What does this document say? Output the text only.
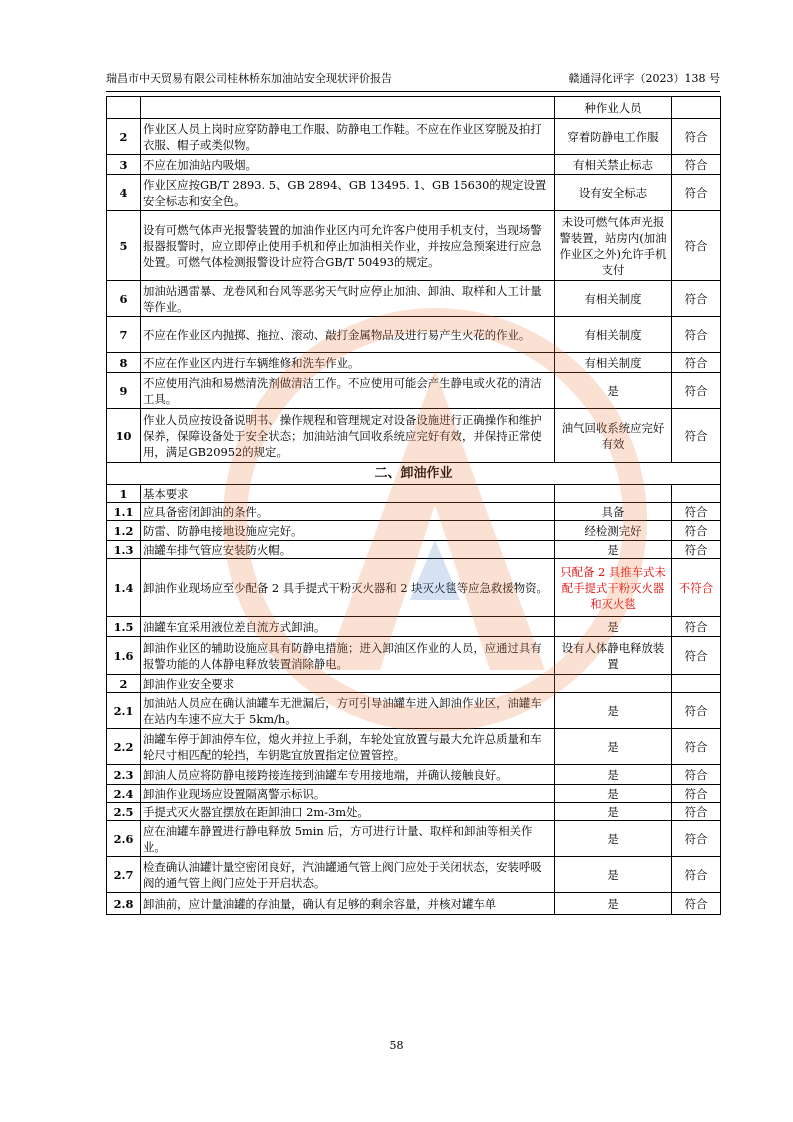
瑞昌市中天贸易有限公司桂林桥东加油站安全现状评价报告	赣通浔化评字（2023）138 号
		种作业人员	
2	作业区人员上岗时应穿防静电工作服、防静电工作鞋。不应在作业区穿脱及拍打衣服、帽子或类似物。	穿着防静电工作服	符合
3	不应在加油站内吸烟。	有相关禁止标志	符合
4	作业区应按GB/T 2893. 5、GB 2894、GB 13495. 1、GB 15630的规定设置安全标志和安全色。	设有安全标志	符合
5	设有可燃气体声光报警装置的加油作业区内可允许客户使用手机支付，当现场警报器报警时，应立即停止使用手机和停止加油相关作业，并按应急预案进行应急处置。可燃气体检测报警设计应符合GB/T 50493的规定。	未设可燃气体声光报警装置，站房内(加油作业区之外)允许手机支付	符合
6	加油站遇雷暴、龙卷风和台风等恶劣天气时应停止加油、卸油、取样和人工计量等作业。	有相关制度	符合
7	不应在作业区内抛掷、拖拉、滚动、敲打金属物品及进行易产生火花的作业。	有相关制度	符合
8	不应在作业区内进行车辆维修和洗车作业。	有相关制度	符合
9	不应使用汽油和易燃清洗剂做清洁工作。不应使用可能会产生静电或火花的清洁工具。	是	符合
10	作业人员应按设备说明书、操作规程和管理规定对设备设施进行正确操作和维护保养，保障设备处于安全状态；加油站油气回收系统应完好有效，并保持正常使用，满足GB20952的规定。	油气回收系统应完好有效	符合
二、卸油作业			
1	基本要求		
1.1	应具备密闭卸油的条件。	具备	符合
1.2	防雷、防静电接地设施应完好。	经检测完好	符合
1.3	油罐车排气管应安装防火帽。	是	符合
1.4	卸油作业现场应至少配备 2 具手提式干粉灭火器和 2 块灭火毯等应急救援物资。	只配备 2 具推车式未配手提式干粉灭火器和灭火毯	不符合
1.5	油罐车宜采用液位差自流方式卸油。	是	符合
1.6	卸油作业区的辅助设施应具有防静电措施；进入卸油区作业的人员，应通过具有报警功能的人体静电释放装置消除静电。	设有人体静电释放装置	符合
2	卸油作业安全要求		
2.1	加油站人员应在确认油罐车无泄漏后，方可引导油罐车进入卸油作业区，油罐车在站内车速不应大于 5km/h。	是	符合
2.2	油罐车停于卸油停车位，熄火并拉上手刹，车轮处宜放置与最大允许总质量和车轮尺寸相匹配的轮挡，车钥匙宜放置指定位置管控。	是	符合
2.3	卸油人员应将防静电接跨接连接到油罐车专用接地端，并确认接触良好。	是	符合
2.4	卸油作业现场应设置隔离警示标识。	是	符合
2.5	手提式灭火器宜摆放在距卸油口 2m-3m处。	是	符合
2.6	应在油罐车静置进行静电释放 5min 后，方可进行计量、取样和卸油等相关作业。	是	符合
2.7	检查确认油罐计量空密闭良好，汽油罐通气管上阀门应处于关闭状态，安装呼吸阀的通气管上阀门应处于开启状态。	是	符合
2.8	卸油前，应计量油罐的存油量，确认有足够的剩余容量，并核对罐车单	是	符合
58
